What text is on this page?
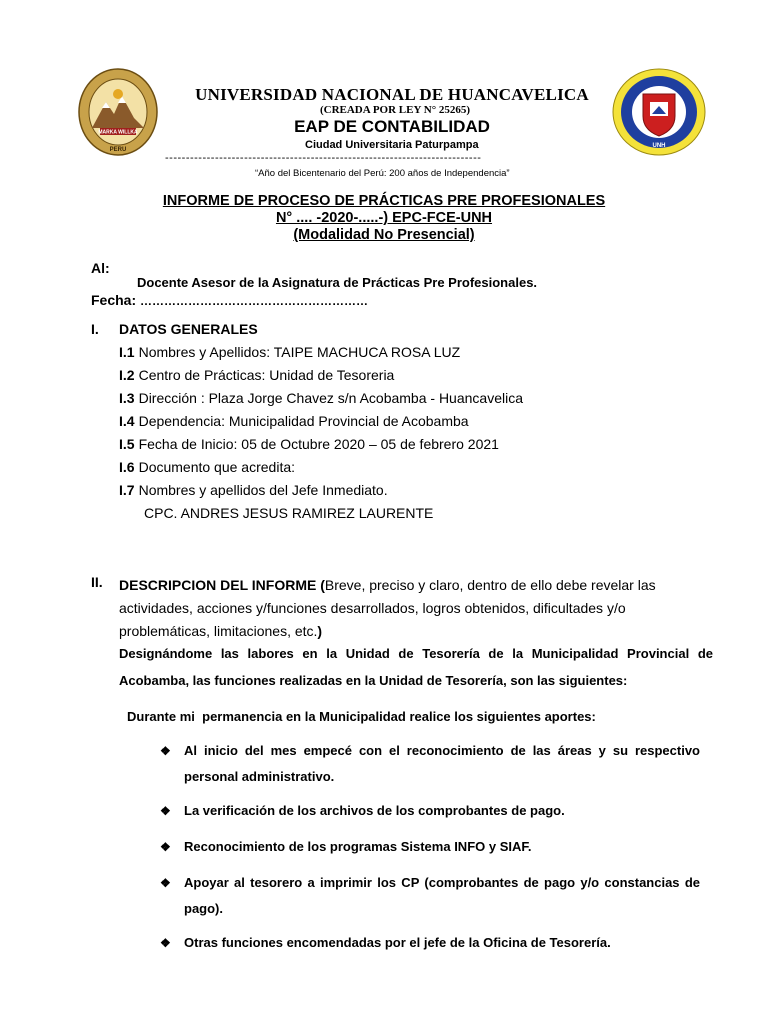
MARKA WILLKA
PERU
UNIVERSIDAD NACIONAL DE HUANCAVELICA
(CREADA POR LEY N° 25265)
EAP DE CONTABILIDAD
Ciudad Universitaria Paturpampa
----------------------------------------------------------------------------
“Año del Bicentenario del Perú: 200 años de Independencia”
UNH
INFORME DE PROCESO DE PRÁCTICAS PRE PROFESIONALES
N° .... -2020-.....-) EPC-FCE-UNH
(Modalidad No Presencial)
Al:
Docente Asesor de la Asignatura de Prácticas Pre Profesionales.
Fecha: …………………………………………………
I. DATOS GENERALES
I.1 Nombres y Apellidos: TAIPE MACHUCA ROSA LUZ
I.2 Centro de Prácticas: Unidad de Tesoreria
I.3 Dirección : Plaza Jorge Chavez s/n Acobamba - Huancavelica
I.4 Dependencia: Municipalidad Provincial de Acobamba
I.5 Fecha de Inicio: 05 de Octubre 2020 – 05 de febrero 2021
I.6 Documento que acredita:
I.7 Nombres y apellidos del Jefe Inmediato.
CPC. ANDRES JESUS RAMIREZ LAURENTE
II. DESCRIPCION DEL INFORME (Breve, preciso y claro, dentro de ello debe revelar las
actividades, acciones y/funciones desarrollados, logros obtenidos, dificultades y/o
problemáticas, limitaciones, etc.)
Designándome las labores en la Unidad de Tesorería de la Municipalidad Provincial de
Acobamba, las funciones realizadas en la Unidad de Tesorería, son las siguientes:
Durante mi  permanencia en la Municipalidad realice los siguientes aportes:
❖ Al inicio del mes empecé con el reconocimiento de las áreas y su respectivo
personal administrativo.
❖ La verificación de los archivos de los comprobantes de pago.
❖ Reconocimiento de los programas Sistema INFO y SIAF.
❖ Apoyar al tesorero a imprimir los CP (comprobantes de pago y/o constancias de
pago).
❖ Otras funciones encomendadas por el jefe de la Oficina de Tesorería.
